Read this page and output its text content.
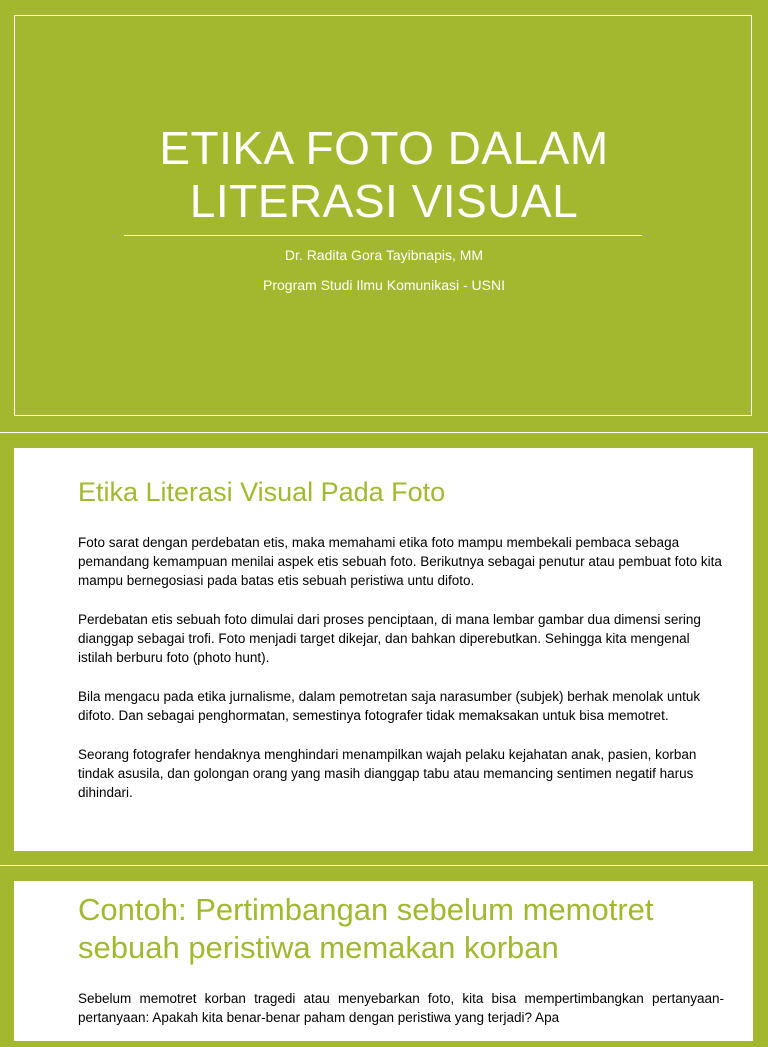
ETIKA FOTO DALAM
LITERASI VISUAL
Dr. Radita Gora Tayibnapis, MM
Program Studi Ilmu Komunikasi - USNI
Etika Literasi Visual Pada Foto

Foto sarat dengan perdebatan etis, maka memahami etika foto mampu membekali pembaca sebaga pemandang kemampuan menilai aspek etis sebuah foto. Berikutnya sebagai penutur atau pembuat foto kita mampu bernegosiasi pada batas etis sebuah peristiwa untu difoto.

Perdebatan etis sebuah foto dimulai dari proses penciptaan, di mana lembar gambar dua dimensi sering dianggap sebagai trofi. Foto menjadi target dikejar, dan bahkan diperebutkan. Sehingga kita mengenal istilah berburu foto (photo hunt).

Bila mengacu pada etika jurnalisme, dalam pemotretan saja narasumber (subjek) berhak menolak untuk difoto. Dan sebagai penghormatan, semestinya fotografer tidak memaksakan untuk bisa memotret.

Seorang fotografer hendaknya menghindari menampilkan wajah pelaku kejahatan anak, pasien, korban tindak asusila, dan golongan orang yang masih dianggap tabu atau memancing sentimen negatif harus dihindari.

Contoh: Pertimbangan sebelum memotret sebuah peristiwa memakan korban

Sebelum memotret korban tragedi atau menyebarkan foto, kita bisa mempertimbangkan pertanyaan-pertanyaan: Apakah kita benar-benar paham dengan peristiwa yang terjadi? Apa
